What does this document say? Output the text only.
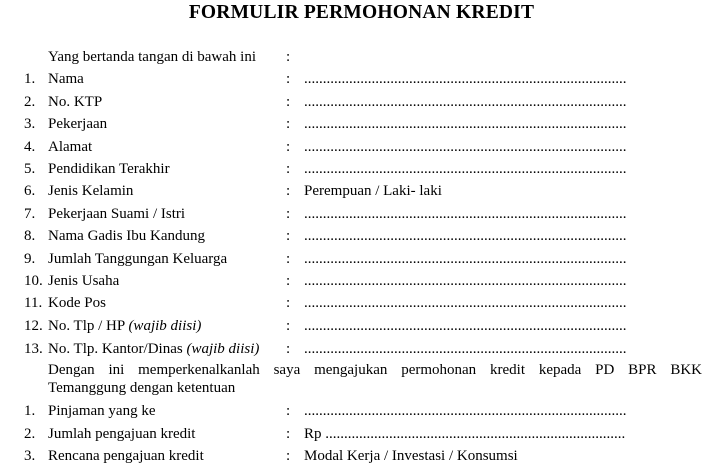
FORMULIR PERMOHONAN KREDIT
Yang bertanda tangan di bawah ini :
1. Nama	: ......................................................................................
2. No. KTP	: ......................................................................................
3. Pekerjaan	: ......................................................................................
4. Alamat	: ......................................................................................
5. Pendidikan Terakhir	: ......................................................................................
6. Jenis Kelamin	: Perempuan / Laki- laki
7. Pekerjaan Suami / Istri	: ......................................................................................
8. Nama Gadis Ibu Kandung	: ......................................................................................
9. Jumlah Tanggungan Keluarga	: ......................................................................................
10. Jenis Usaha	: ......................................................................................
11. Kode Pos	: ......................................................................................
12. No. Tlp / HP (wajib diisi)	: ......................................................................................
13. No. Tlp. Kantor/Dinas (wajib diisi) : ......................................................................................
Dengan ini memperkenalkanlah saya mengajukan permohonan kredit kepada PD BPR BKK
Temanggung dengan ketentuan
1. Pinjaman yang ke	: ......................................................................................
2. Jumlah pengajuan kredit	: Rp ................................................................................
3. Rencana pengajuan kredit	: Modal Kerja / Investasi / Konsumsi
